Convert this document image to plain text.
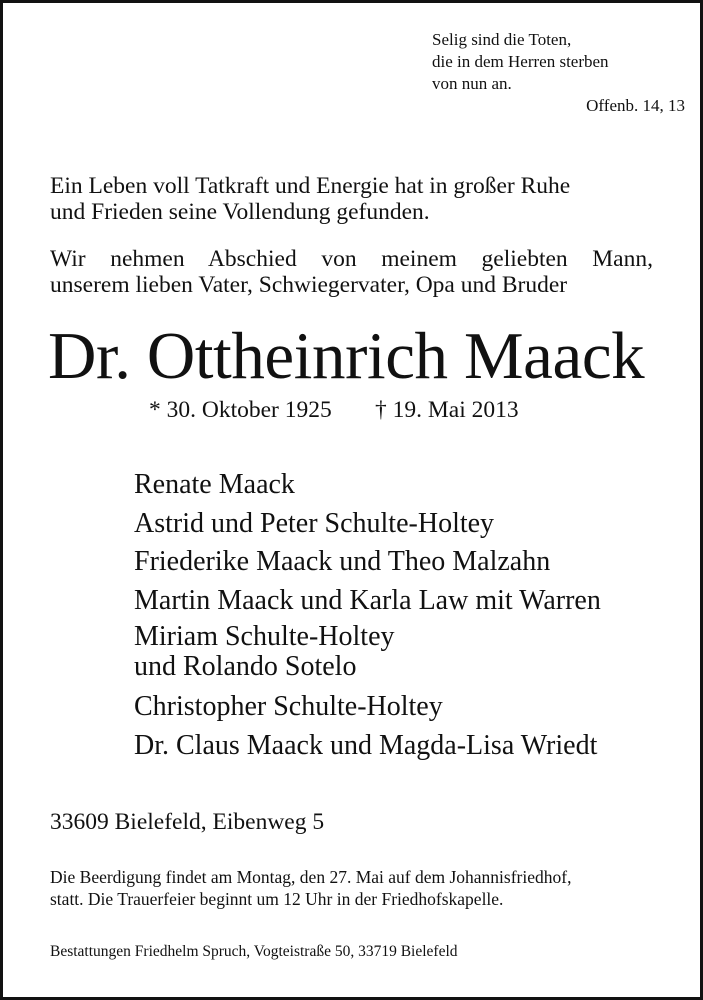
Selig sind die Toten,
die in dem Herren sterben
von nun an.
Offenb. 14, 13
Ein Leben voll Tatkraft und Energie hat in großer Ruhe
und Frieden seine Vollendung gefunden.
Wir nehmen Abschied von meinem geliebten Mann,
unserem lieben Vater, Schwiegervater, Opa und Bruder
Dr. Ottheinrich Maack
* 30. Oktober 1925 † 19. Mai 2013
Renate Maack
Astrid und Peter Schulte-Holtey
Friederike Maack und Theo Malzahn
Martin Maack und Karla Law mit Warren
Miriam Schulte-Holtey
und Rolando Sotelo
Christopher Schulte-Holtey
Dr. Claus Maack und Magda-Lisa Wriedt
33609 Bielefeld, Eibenweg 5
Die Beerdigung findet am Montag, den 27. Mai auf dem Johannisfriedhof,
statt. Die Trauerfeier beginnt um 12 Uhr in der Friedhofskapelle.
Bestattungen Friedhelm Spruch, Vogteistraße 50, 33719 Bielefeld
